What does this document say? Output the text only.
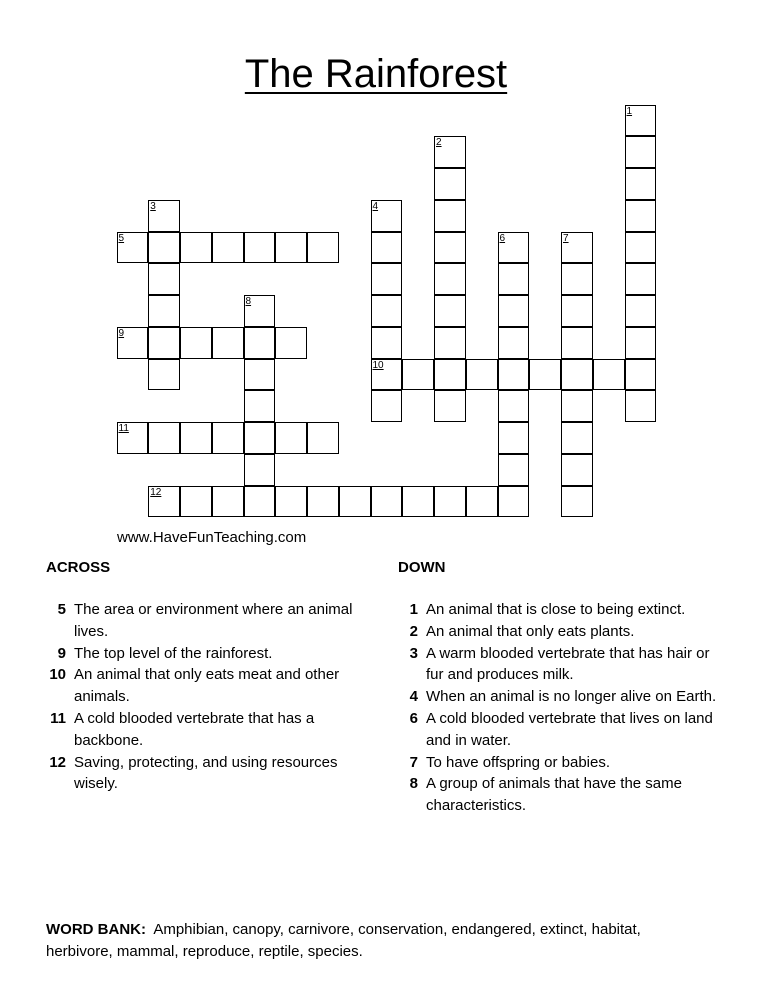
The Rainforest
1
2
3	4
10
5	6	7
8
9
11
12
www.HaveFunTeaching.com
ACROSS	DOWN
5 The area or environment where an animal lives.
9 The top level of the rainforest.
10 An animal that only eats meat and other animals.
11 A cold blooded vertebrate that has a backbone.
12 Saving, protecting, and using resources wisely.
1 An animal that is close to being extinct.
2 An animal that only eats plants.
3 A warm blooded vertebrate that has hair or fur and produces milk.
4 When an animal is no longer alive on Earth.
6 A cold blooded vertebrate that lives on land and in water.
7 To have offspring or babies.
8 A group of animals that have the same characteristics.
WORD BANK: Amphibian, canopy, carnivore, conservation, endangered, extinct, habitat, herbivore, mammal, reproduce, reptile, species.
